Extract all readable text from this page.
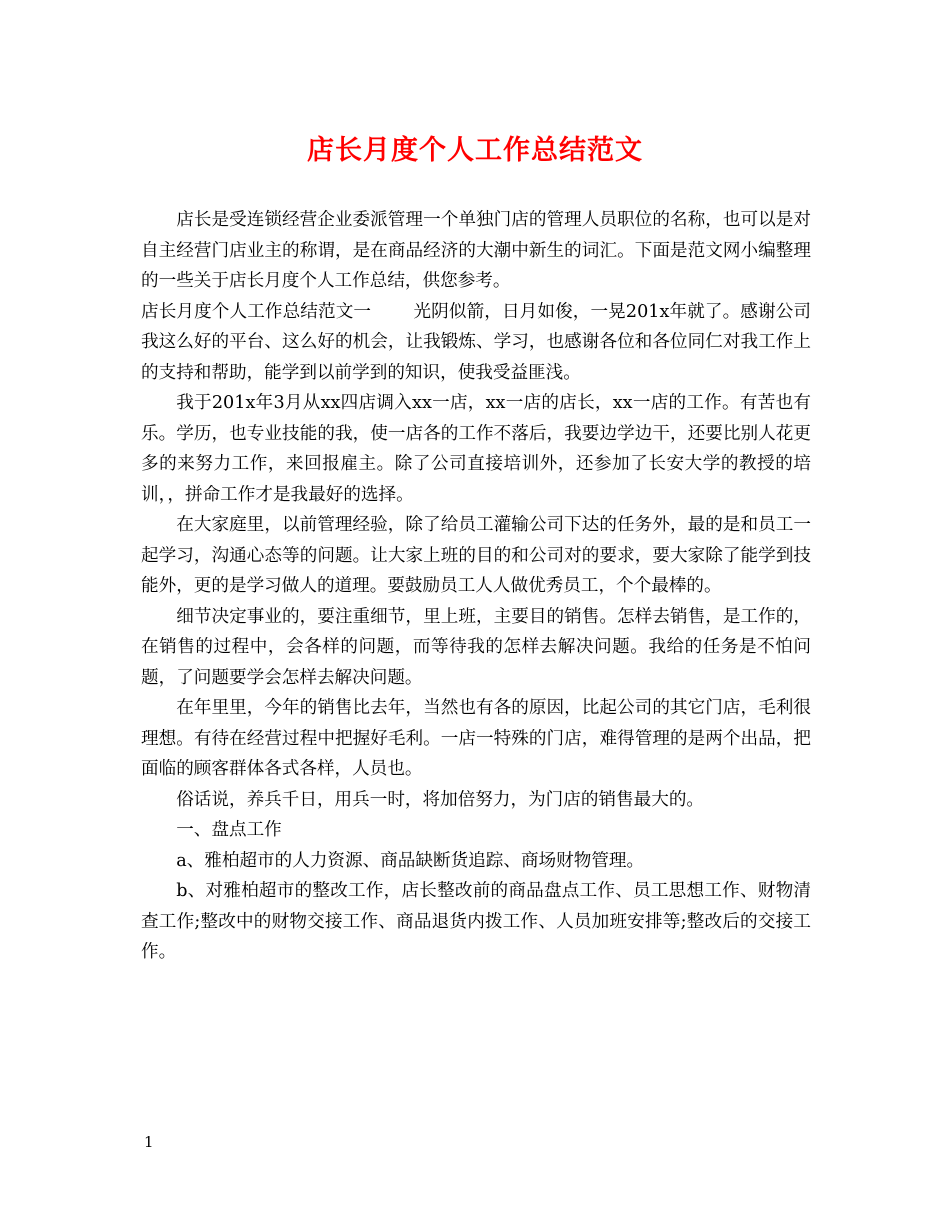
店长月度个人工作总结范文

店长是受连锁经营企业委派管理一个单独门店的管理人员职位的名称，也可以是对自主经营门店业主的称谓，是在商品经济的大潮中新生的词汇。下面是范文网小编整理的一些关于店长月度个人工作总结，供您参考。

店长月度个人工作总结范文一 光阴似箭，日月如俊，一晃201x年就了。感谢公司我这么好的平台、这么好的机会，让我锻炼、学习，也感谢各位和各位同仁对我工作上的支持和帮助，能学到以前学到的知识，使我受益匪浅。

我于201x年3月从xx四店调入xx一店，xx一店的店长，xx一店的工作。有苦也有乐。学历，也专业技能的我，使一店各的工作不落后，我要边学边干，还要比别人花更多的来努力工作，来回报雇主。除了公司直接培训外，还参加了长安大学的教授的培训，，拼命工作才是我最好的选择。

在大家庭里，以前管理经验，除了给员工灌输公司下达的任务外，最的是和员工一起学习，沟通心态等的问题。让大家上班的目的和公司对的要求，要大家除了能学到技能外，更的是学习做人的道理。要鼓励员工人人做优秀员工，个个最棒的。

细节决定事业的，要注重细节，里上班，主要目的销售。怎样去销售，是工作的，在销售的过程中，会各样的问题，而等待我的怎样去解决问题。我给的任务是不怕问题，了问题要学会怎样去解决问题。

在年里里，今年的销售比去年，当然也有各的原因，比起公司的其它门店，毛利很理想。有待在经营过程中把握好毛利。一店一特殊的门店，难得管理的是两个出品，把面临的顾客群体各式各样，人员也。

俗话说，养兵千日，用兵一时，将加倍努力，为门店的销售最大的。

一、盘点工作

a、雅柏超市的人力资源、商品缺断货追踪、商场财物管理。

b、对雅柏超市的整改工作，店长整改前的商品盘点工作、员工思想工作、财物清查工作;整改中的财物交接工作、商品退货内拨工作、人员加班安排等;整改后的交接工作。

1
